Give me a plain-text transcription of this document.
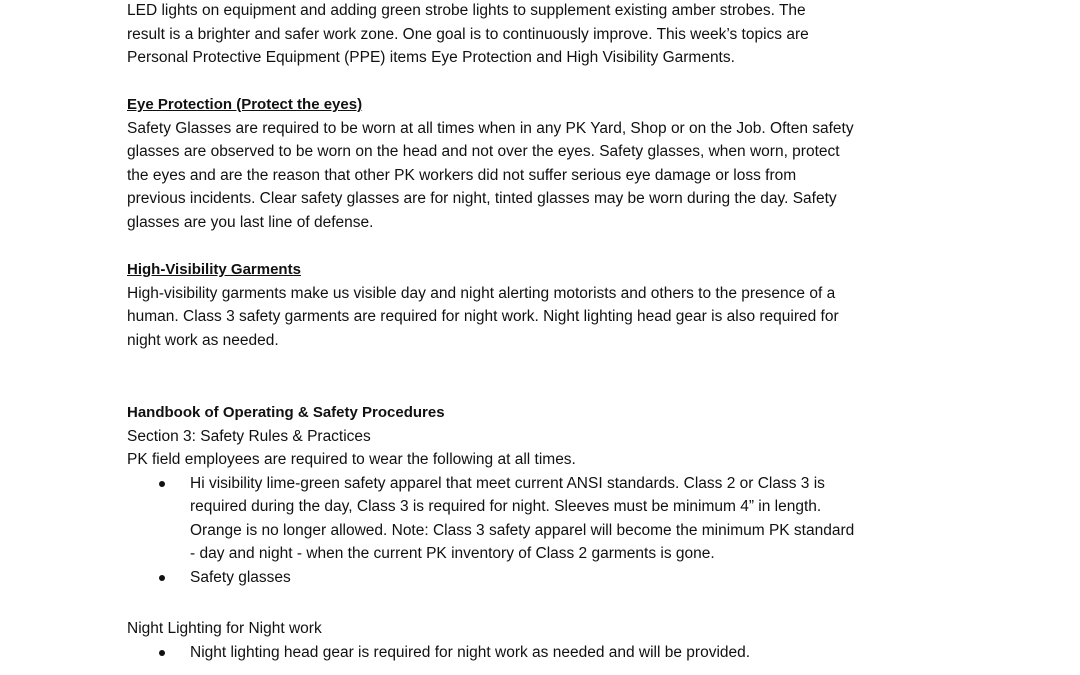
LED lights on equipment and adding green strobe lights to supplement existing amber strobes. The
result is a brighter and safer work zone. One goal is to continuously improve. This week’s topics are
Personal Protective Equipment (PPE) items Eye Protection and High Visibility Garments.
Eye Protection (Protect the eyes)
Safety Glasses are required to be worn at all times when in any PK Yard, Shop or on the Job. Often safety
glasses are observed to be worn on the head and not over the eyes. Safety glasses, when worn, protect
the eyes and are the reason that other PK workers did not suffer serious eye damage or loss from
previous incidents. Clear safety glasses are for night, tinted glasses may be worn during the day. Safety
glasses are you last line of defense.
High-Visibility Garments
High-visibility garments make us visible day and night alerting motorists and others to the presence of a
human. Class 3 safety garments are required for night work. Night lighting head gear is also required for
night work as needed.
Handbook of Operating & Safety Procedures
Section 3: Safety Rules & Practices
PK field employees are required to wear the following at all times.
Hi visibility lime-green safety apparel that meet current ANSI standards. Class 2 or Class 3 is
required during the day, Class 3 is required for night. Sleeves must be minimum 4” in length.
Orange is no longer allowed. Note: Class 3 safety apparel will become the minimum PK standard
- day and night - when the current PK inventory of Class 2 garments is gone.
Safety glasses
Night Lighting for Night work
Night lighting head gear is required for night work as needed and will be provided.
